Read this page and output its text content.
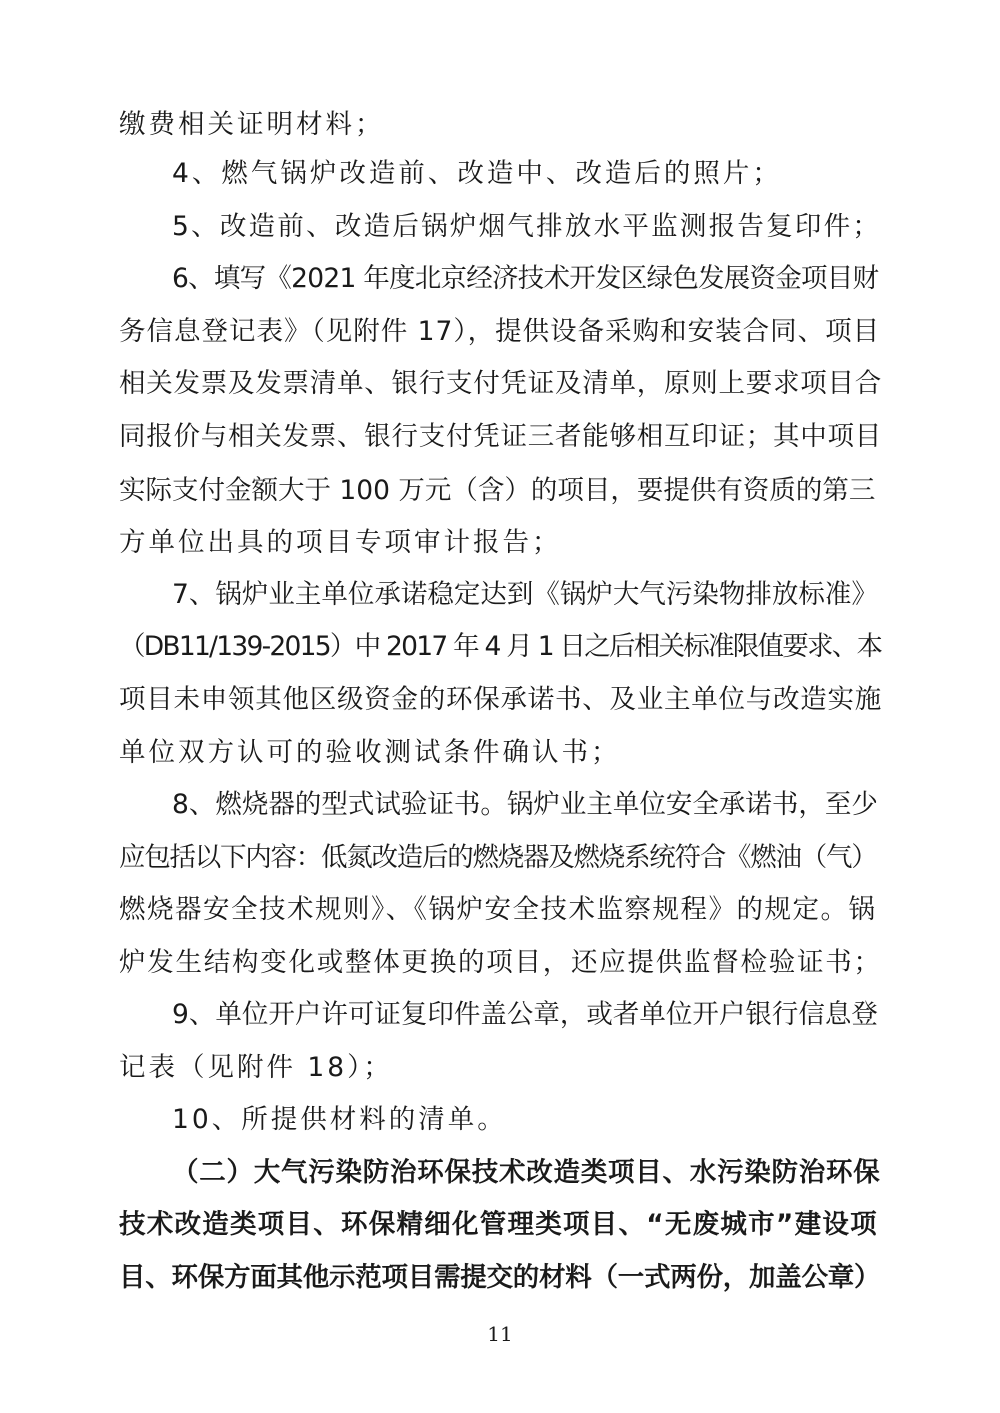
缴费相关证明材料；
4、燃气锅炉改造前、改造中、改造后的照片；
5、改造前、改造后锅炉烟气排放水平监测报告复印件；
6、填写《2021 年度北京经济技术开发区绿色发展资金项目财
务信息登记表》（见附件 17），提供设备采购和安装合同、项目
相关发票及发票清单、银行支付凭证及清单，原则上要求项目合
同报价与相关发票、银行支付凭证三者能够相互印证；其中项目
实际支付金额大于 100 万元（含）的项目，要提供有资质的第三
方单位出具的项目专项审计报告；
7、锅炉业主单位承诺稳定达到《锅炉大气污染物排放标准》
（DB11/139-2015）中 2017 年 4 月 1 日之后相关标准限值要求、本
项目未申领其他区级资金的环保承诺书、及业主单位与改造实施
单位双方认可的验收测试条件确认书；
8、燃烧器的型式试验证书。锅炉业主单位安全承诺书，至少
应包括以下内容：低氮改造后的燃烧器及燃烧系统符合《燃油（气）
燃烧器安全技术规则》、《锅炉安全技术监察规程》的规定。锅
炉发生结构变化或整体更换的项目，还应提供监督检验证书；
9、单位开户许可证复印件盖公章，或者单位开户银行信息登
记表（见附件 18）；
10、所提供材料的清单。
（二）大气污染防治环保技术改造类项目、水污染防治环保
技术改造类项目、环保精细化管理类项目、“无废城市”建设项
目、环保方面其他示范项目需提交的材料（一式两份，加盖公章）
11
